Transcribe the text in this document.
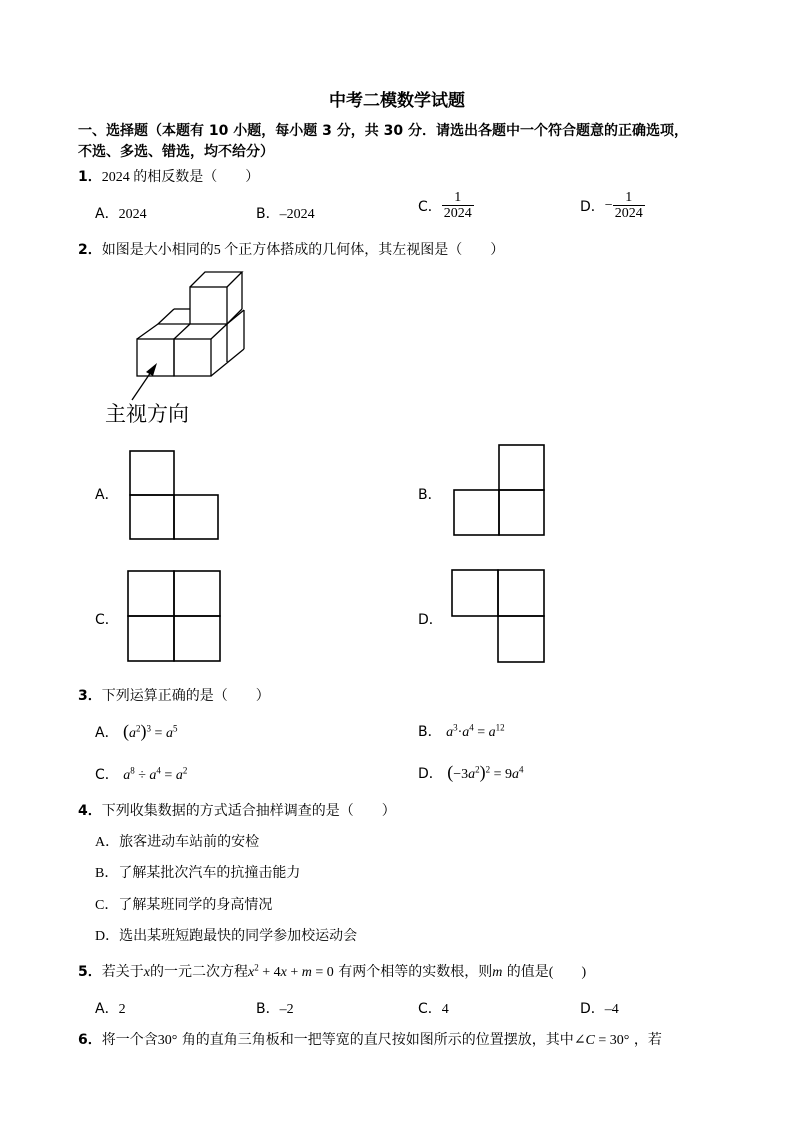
中考二模数学试题
一、选择题（本题有 10 小题，每小题 3 分，共 30 分．请选出各题中一个符合题意的正确选项，
不选、多选、错选，均不给分）
1．2024 的相反数是（　　）
A．2024	B．–2024	C． $\frac{1}{2024}$	D．− $\frac{1}{2024}$
2．如图是大小相同的5 个正方体搭成的几何体，其左视图是（　　）
主视方向
A．	B．
C．	D．
3．下列运算正确的是（　　）
A． $(a^2)^3 = a^5$	B． $a^3\cdot a^4 = a^{12}$
C． $a^8 \div a^4 = a^2$	D． $(-3a^2)^2 = 9a^4$
4．下列收集数据的方式适合抽样调查的是（　　）
A．旅客进动车站前的安检
B．了解某批次汽车的抗撞击能力
C．了解某班同学的身高情况
D．选出某班短跑最快的同学参加校运动会
5．若关于x的一元二次方程$x^2 + 4x + m = 0$ 有两个相等的实数根，则m 的值是(　　)
A．2	B．–2	C．4	D．–4
6．将一个含30° 角的直角三角板和一把等宽的直尺按如图所示的位置摆放，其中∠C = 30° ，若
